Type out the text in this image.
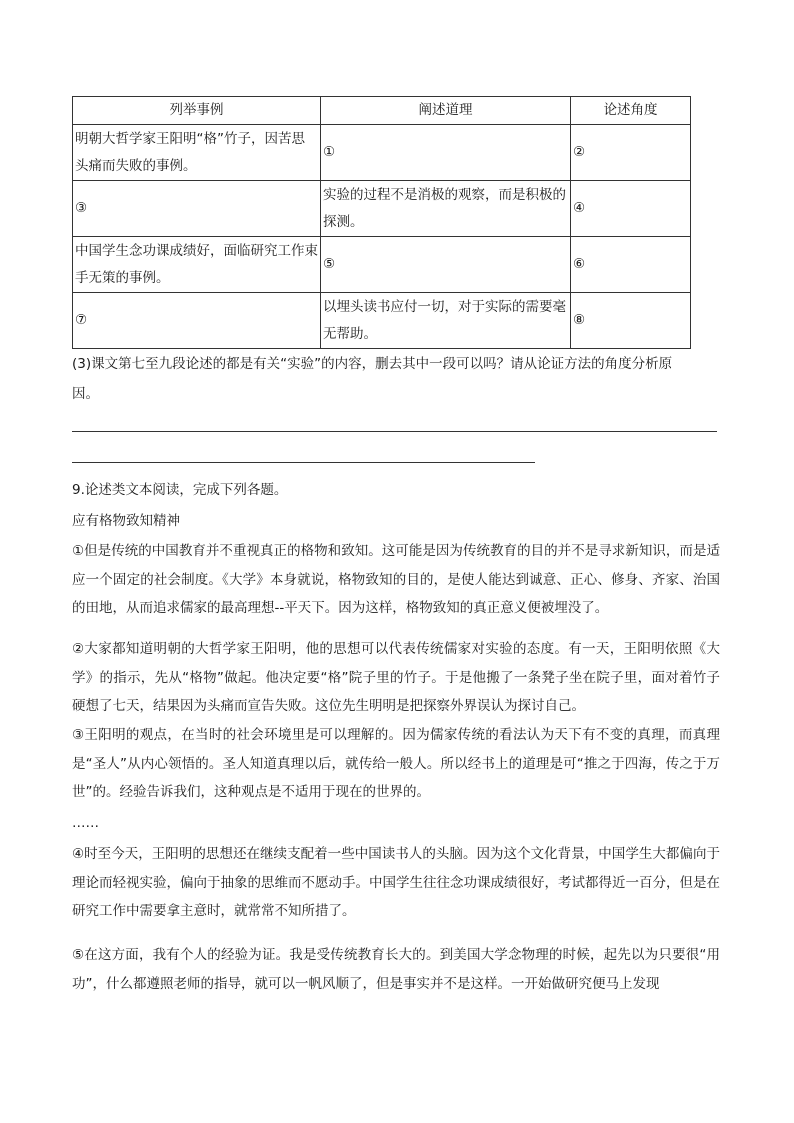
列举事例	阐述道理	论述角度
明朝大哲学家王阳明“格”竹子，因苦思头痛而失败的事例。	①	②
③	实验的过程不是消极的观察，而是积极的探测。	④
中国学生念功课成绩好，面临研究工作束手无策的事例。	⑤	⑥
⑦	以埋头读书应付一切，对于实际的需要毫无帮助。	⑧
(3)课文第七至九段论述的都是有关“实验”的内容，删去其中一段可以吗？请从论证方法的角度分析原
因。
9.论述类文本阅读，完成下列各题。
应有格物致知精神
①但是传统的中国教育并不重视真正的格物和致知。这可能是因为传统教育的目的并不是寻求新知识，而是适应一个固定的社会制度。《大学》本身就说，格物致知的目的，是使人能达到诚意、正心、修身、齐家、治国的田地，从而追求儒家的最高理想--平天下。因为这样，格物致知的真正意义便被埋没了。
②大家都知道明朝的大哲学家王阳明，他的思想可以代表传统儒家对实验的态度。有一天，王阳明依照《大学》的指示，先从“格物”做起。他决定要“格”院子里的竹子。于是他搬了一条凳子坐在院子里，面对着竹子硬想了七天，结果因为头痛而宣告失败。这位先生明明是把探察外界误认为探讨自己。
③王阳明的观点，在当时的社会环境里是可以理解的。因为儒家传统的看法认为天下有不变的真理，而真理是“圣人”从内心领悟的。圣人知道真理以后，就传给一般人。所以经书上的道理是可“推之于四海，传之于万世”的。经验告诉我们，这种观点是不适用于现在的世界的。
……
④时至今天，王阳明的思想还在继续支配着一些中国读书人的头脑。因为这个文化背景，中国学生大都偏向于理论而轻视实验，偏向于抽象的思维而不愿动手。中国学生往往念功课成绩很好，考试都得近一百分，但是在研究工作中需要拿主意时，就常常不知所措了。
⑤在这方面，我有个人的经验为证。我是受传统教育长大的。到美国大学念物理的时候，起先以为只要很“用功”，什么都遵照老师的指导，就可以一帆风顺了，但是事实并不是这样。一开始做研究便马上发现
